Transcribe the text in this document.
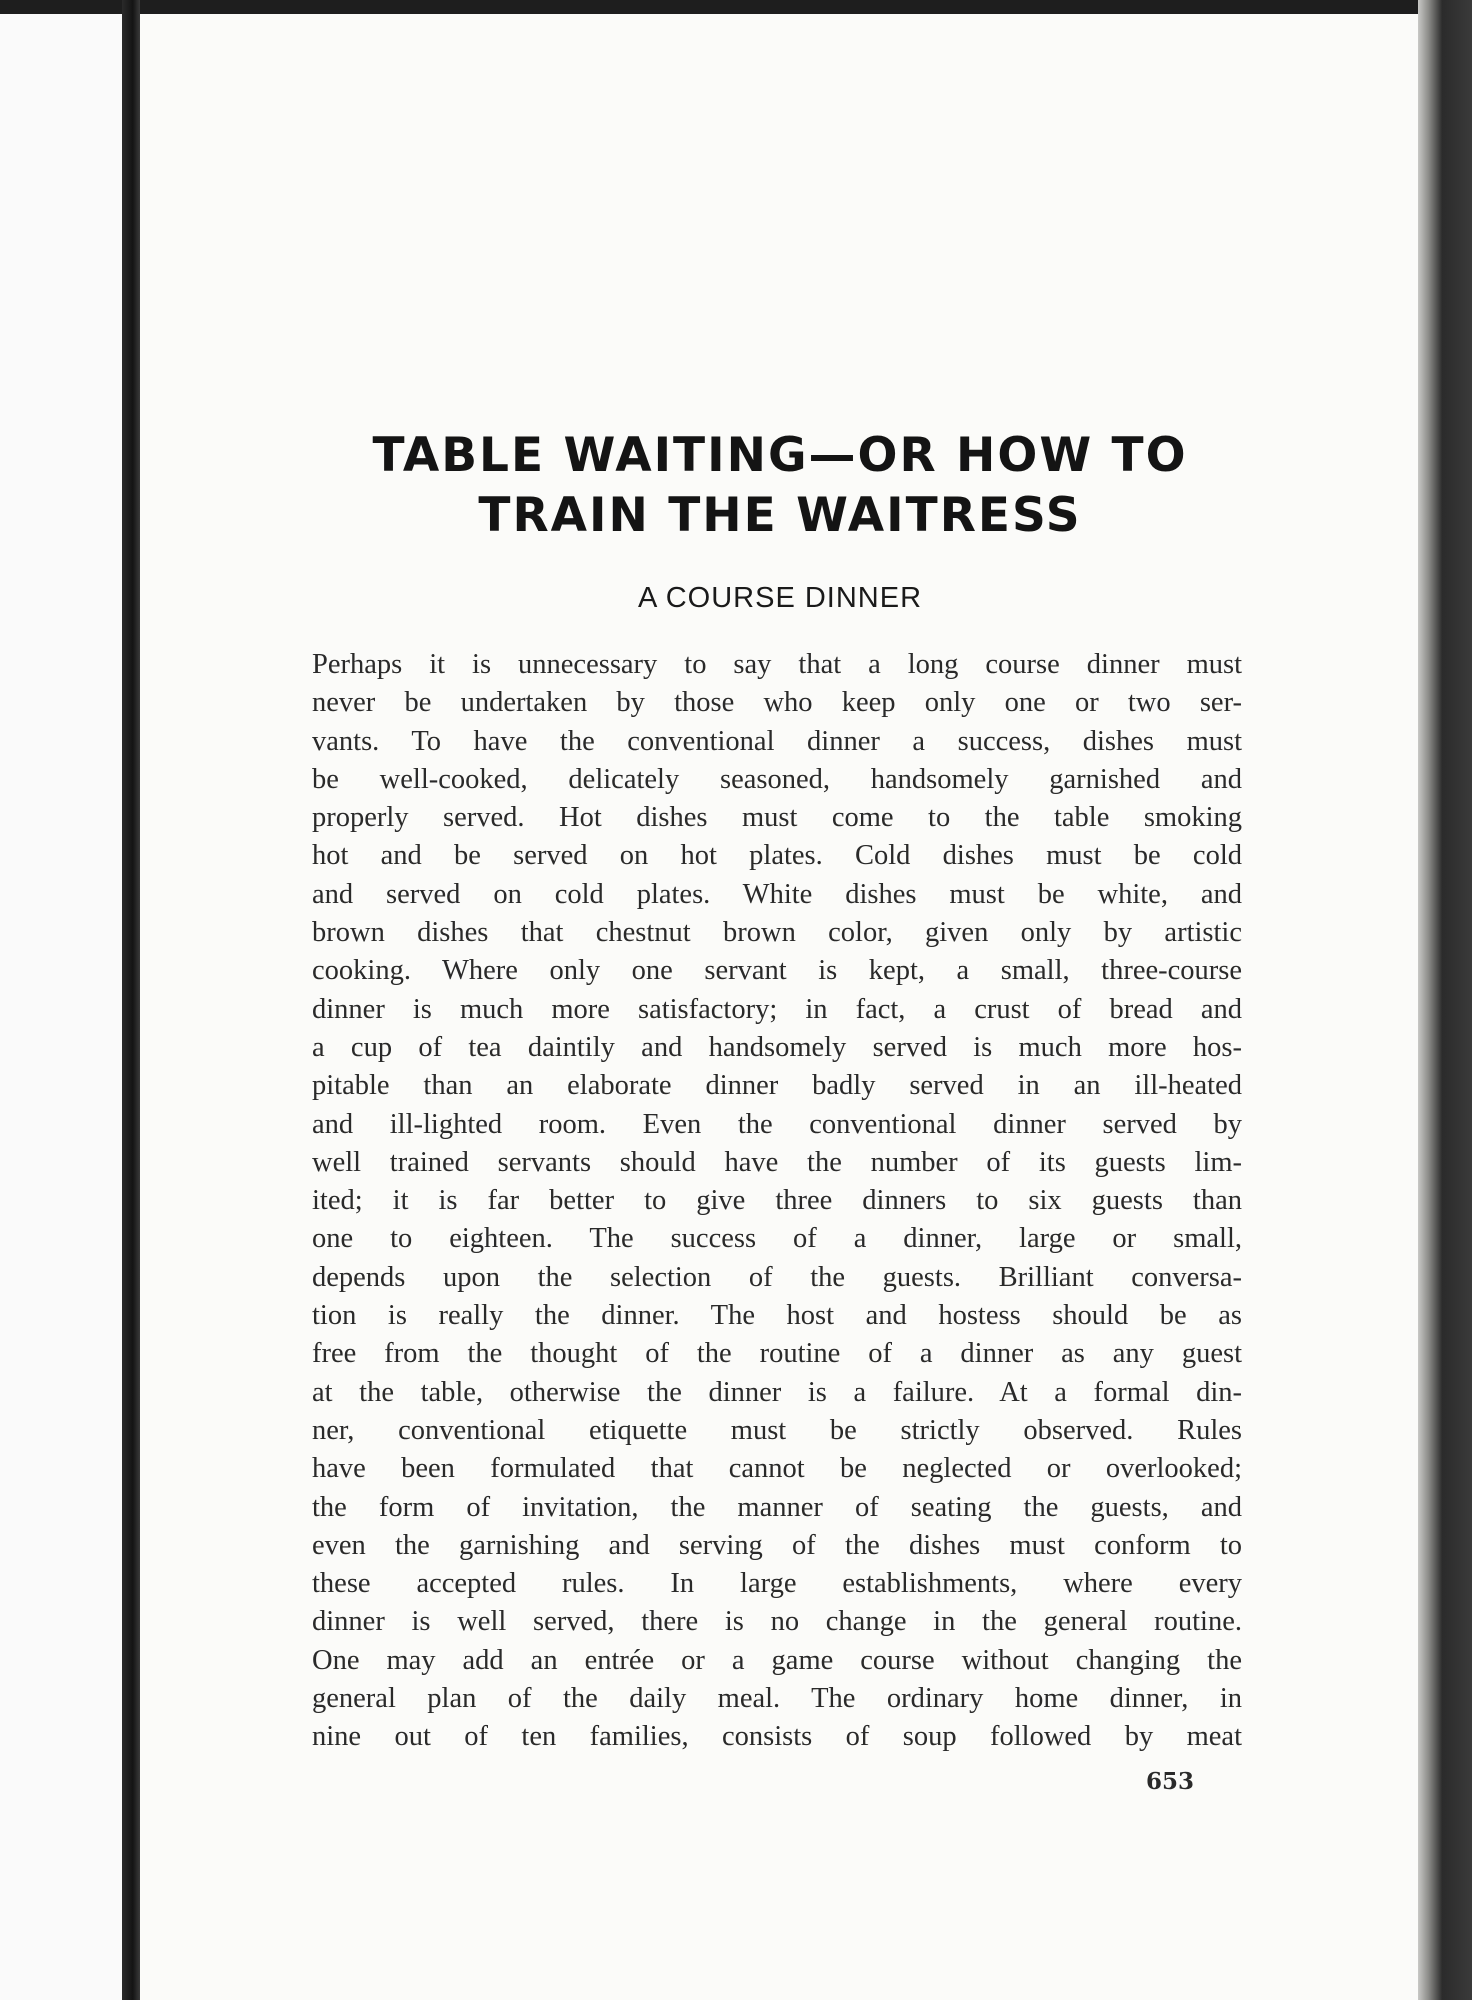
TABLE WAITING—OR HOW TO
TRAIN THE WAITRESS
A COURSE DINNER
Perhaps it is unnecessary to say that a long course dinner must
never be undertaken by those who keep only one or two ser-
vants. To have the conventional dinner a success, dishes must
be well-cooked, delicately seasoned, handsomely garnished and
properly served. Hot dishes must come to the table smoking
hot and be served on hot plates. Cold dishes must be cold
and served on cold plates. White dishes must be white, and
brown dishes that chestnut brown color, given only by artistic
cooking. Where only one servant is kept, a small, three-course
dinner is much more satisfactory; in fact, a crust of bread and
a cup of tea daintily and handsomely served is much more hos-
pitable than an elaborate dinner badly served in an ill-heated
and ill-lighted room. Even the conventional dinner served by
well trained servants should have the number of its guests lim-
ited; it is far better to give three dinners to six guests than
one to eighteen. The success of a dinner, large or small,
depends upon the selection of the guests. Brilliant conversa-
tion is really the dinner. The host and hostess should be as
free from the thought of the routine of a dinner as any guest
at the table, otherwise the dinner is a failure. At a formal din-
ner, conventional etiquette must be strictly observed. Rules
have been formulated that cannot be neglected or overlooked;
the form of invitation, the manner of seating the guests, and
even the garnishing and serving of the dishes must conform to
these accepted rules. In large establishments, where every
dinner is well served, there is no change in the general routine.
One may add an entrée or a game course without changing the
general plan of the daily meal. The ordinary home dinner, in
nine out of ten families, consists of soup followed by meat
653
